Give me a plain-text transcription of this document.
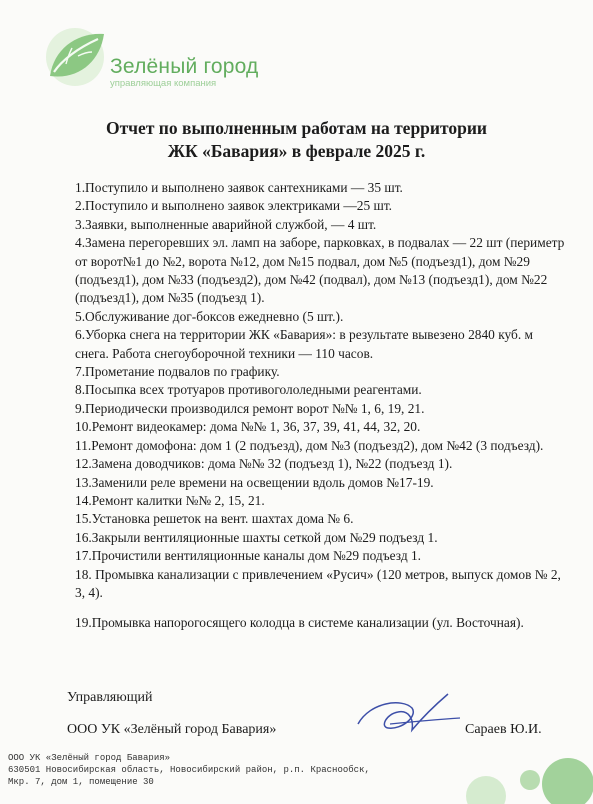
Зелёный город
управляющая компания
Отчет по выполненным работам на территории
ЖК «Бавария» в феврале 2025 г.
1.Поступило и выполнено заявок сантехниками — 35 шт.
2.Поступило и выполнено заявок электриками —25 шт.
3.Заявки, выполненные аварийной службой, — 4 шт.
4.Замена перегоревших эл. ламп на заборе, парковках, в подвалах — 22 шт (периметр от ворот№1 до №2, ворота №12, дом №15 подвал, дом №5 (подъезд1), дом №29 (подъезд1), дом №33 (подъезд2), дом №42 (подвал), дом №13 (подъезд1), дом №22 (подъезд1), дом №35 (подъезд 1).
5.Обслуживание дог-боксов ежедневно (5 шт.).
6.Уборка снега на территории ЖК «Бавария»: в результате вывезено 2840 куб. м снега. Работа снегоуборочной техники — 110 часов.
7.Прометание подвалов по графику.
8.Посыпка всех тротуаров противогололедными реагентами.
9.Периодически производился ремонт ворот №№ 1, 6, 19, 21.
10.Ремонт видеокамер: дома №№ 1, 36, 37, 39, 41, 44, 32, 20.
11.Ремонт домофона: дом 1 (2 подъезд), дом №3 (подъезд2), дом №42 (3 подъезд).
12.Замена доводчиков: дома №№ 32 (подъезд 1), №22 (подъезд 1).
13.Заменили реле времени на освещении вдоль домов №17-19.
14.Ремонт калитки №№ 2, 15, 21.
15.Установка решеток на вент. шахтах дома № 6.
16.Закрыли вентиляционные шахты сеткой дом №29 подъезд 1.
17.Прочистили вентиляционные каналы дом №29 подъезд 1.
18. Промывка канализации с привлечением «Русич» (120 метров, выпуск домов № 2, 3, 4).
19.Промывка напорогосящего колодца в системе канализации (ул. Восточная).
Управляющий
ООО УК «Зелёный город Бавария»	Сараев Ю.И.
ООО УК «Зелёный город Бавария»
630501 Новосибирская область, Новосибирский район, р.п. Краснообск,
Мкр. 7, дом 1, помещение 30
